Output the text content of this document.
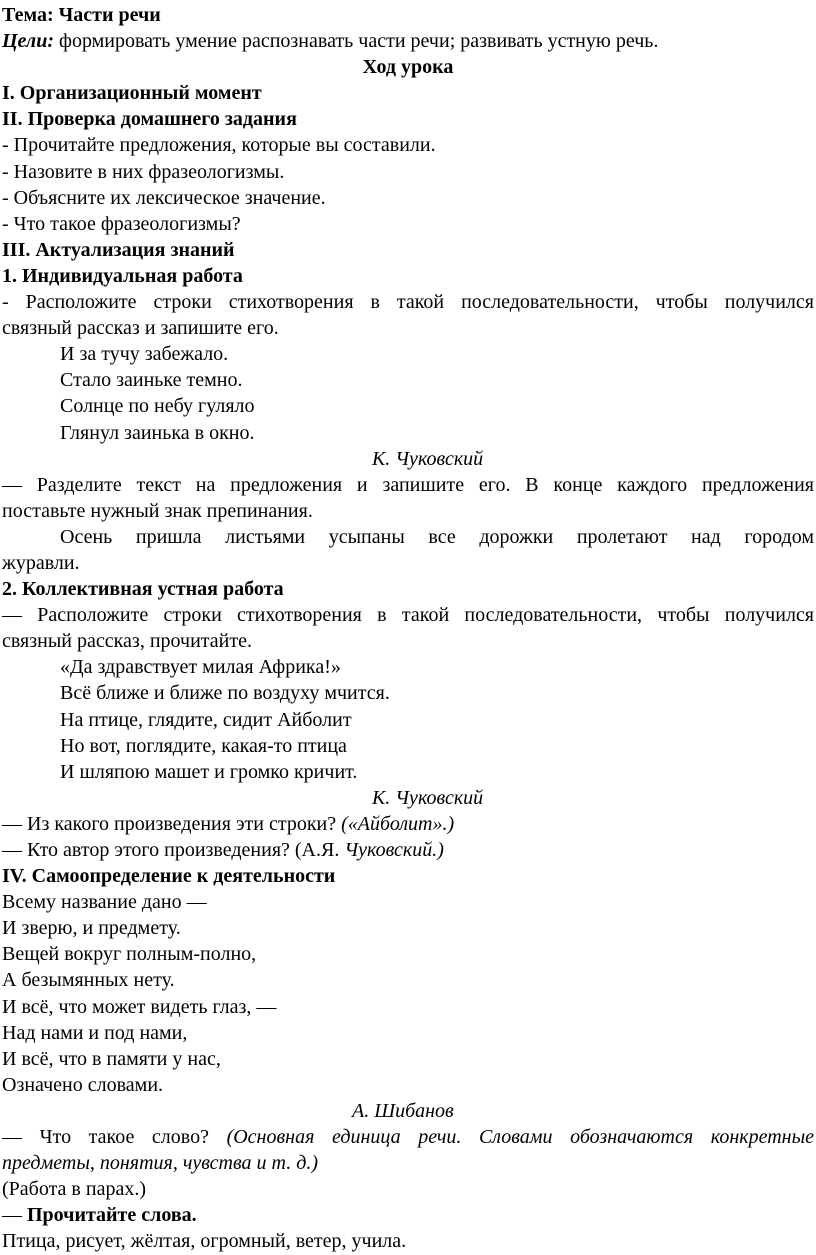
Тема: Части речи
Цели: формировать умение распознавать части речи; развивать устную речь.
Ход урока
I. Организационный момент
II. Проверка домашнего задания
- Прочитайте предложения, которые вы составили.
- Назовите в них фразеологизмы.
- Объясните их лексическое значение.
- Что такое фразеологизмы?
III. Актуализация знаний
1. Индивидуальная работа
- Расположите строки стихотворения в такой последовательности, чтобы получился
связный рассказ и запишите его.
И за тучу забежало.
Стало заиньке темно.
Солнце по небу гуляло
Глянул заинька в окно.
К. Чуковский
— Разделите текст на предложения и запишите его. В конце каждого предложения
поставьте нужный знак препинания.
Осень пришла листьями усыпаны все дорожки пролетают над городом
журавли.
2. Коллективная устная работа
— Расположите строки стихотворения в такой последовательности, чтобы получился
связный рассказ, прочитайте.
«Да здравствует милая Африка!»
Всё ближе и ближе по воздуху мчится.
На птице, глядите, сидит Айболит
Но вот, поглядите, какая-то птица
И шляпою машет и громко кричит.
К. Чуковский
— Из какого произведения эти строки? («Айболит».)
— Кто автор этого произведения? (А.Я. Чуковский.)
IV. Самоопределение к деятельности
Всему название дано —
И зверю, и предмету.
Вещей вокруг полным-полно,
А безымянных нету.
И всё, что может видеть глаз, —
Над нами и под нами,
И всё, что в памяти у нас,
Означено словами.
А. Шибанов
— Что такое слово? (Основная единица речи. Словами обозначаются конкретные
предметы, понятия, чувства и т. д.)
(Работа в парах.)
— Прочитайте слова.
Птица, рисует, жёлтая, огромный, ветер, учила.
